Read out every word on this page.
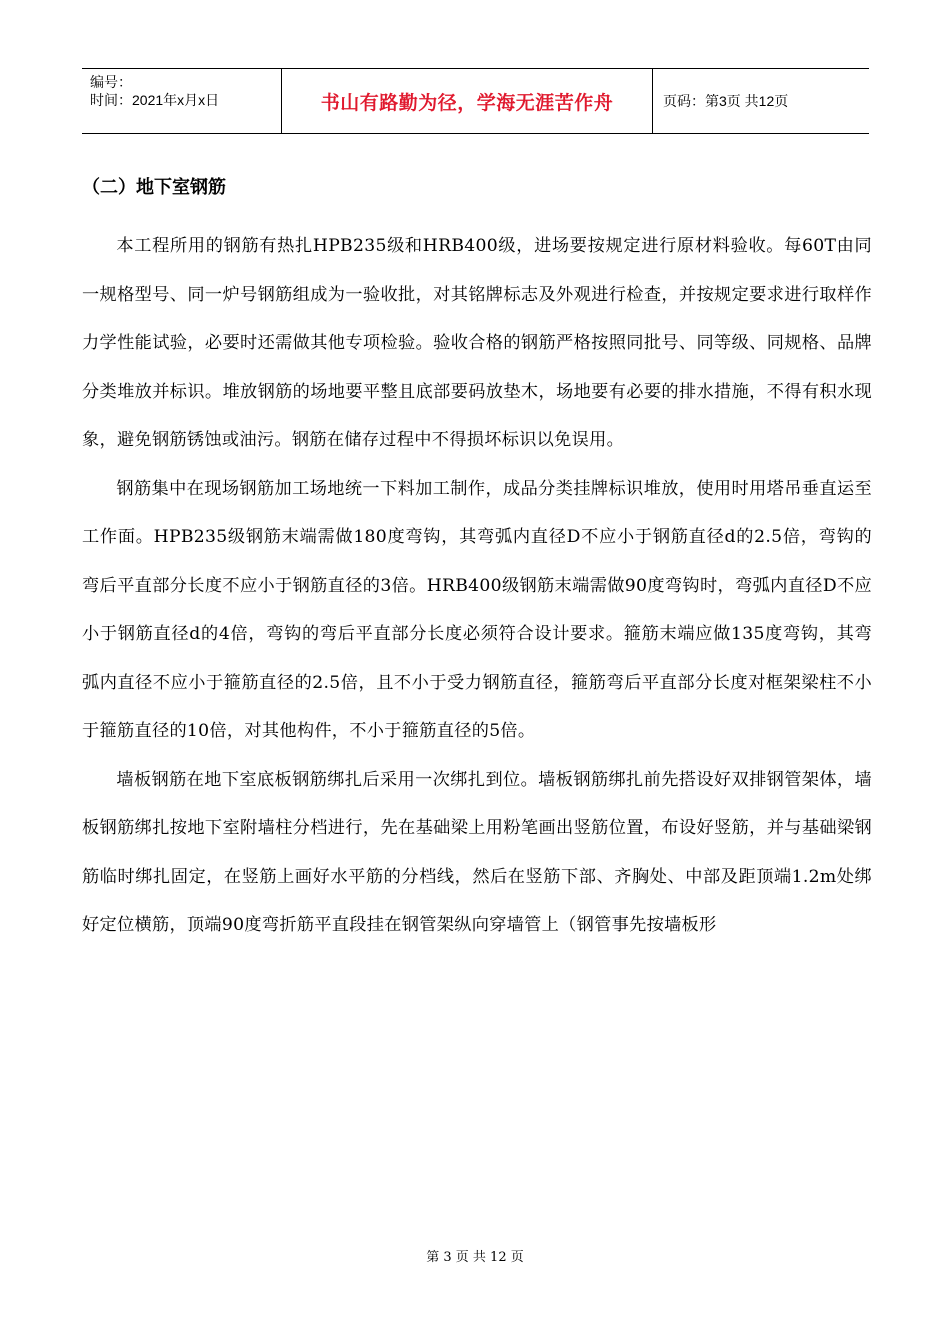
编号：
时间：2021年x月x日	书山有路勤为径，学海无涯苦作舟	页码：第3页 共12页
（二）地下室钢筋

本工程所用的钢筋有热扎HPB235级和HRB400级，进场要按规定进行原材料验收。每60T由同一规格型号、同一炉号钢筋组成为一验收批，对其铭牌标志及外观进行检查，并按规定要求进行取样作力学性能试验，必要时还需做其他专项检验。验收合格的钢筋严格按照同批号、同等级、同规格、品牌分类堆放并标识。堆放钢筋的场地要平整且底部要码放垫木，场地要有必要的排水措施，不得有积水现象，避免钢筋锈蚀或油污。钢筋在储存过程中不得损坏标识以免误用。

钢筋集中在现场钢筋加工场地统一下料加工制作，成品分类挂牌标识堆放，使用时用塔吊垂直运至工作面。HPB235级钢筋末端需做180度弯钩，其弯弧内直径D不应小于钢筋直径d的2.5倍，弯钩的弯后平直部分长度不应小于钢筋直径的3倍。HRB400级钢筋末端需做90度弯钩时，弯弧内直径D不应小于钢筋直径d的4倍，弯钩的弯后平直部分长度必须符合设计要求。箍筋末端应做135度弯钩，其弯弧内直径不应小于箍筋直径的2.5倍，且不小于受力钢筋直径，箍筋弯后平直部分长度对框架梁柱不小于箍筋直径的10倍，对其他构件，不小于箍筋直径的5倍。

墙板钢筋在地下室底板钢筋绑扎后采用一次绑扎到位。墙板钢筋绑扎前先搭设好双排钢管架体，墙板钢筋绑扎按地下室附墙柱分档进行，先在基础梁上用粉笔画出竖筋位置，布设好竖筋，并与基础梁钢筋临时绑扎固定，在竖筋上画好水平筋的分档线，然后在竖筋下部、齐胸处、中部及距顶端1.2m处绑好定位横筋，顶端90度弯折筋平直段挂在钢管架纵向穿墙管上（钢管事先按墙板形

第 3 页 共 12 页
